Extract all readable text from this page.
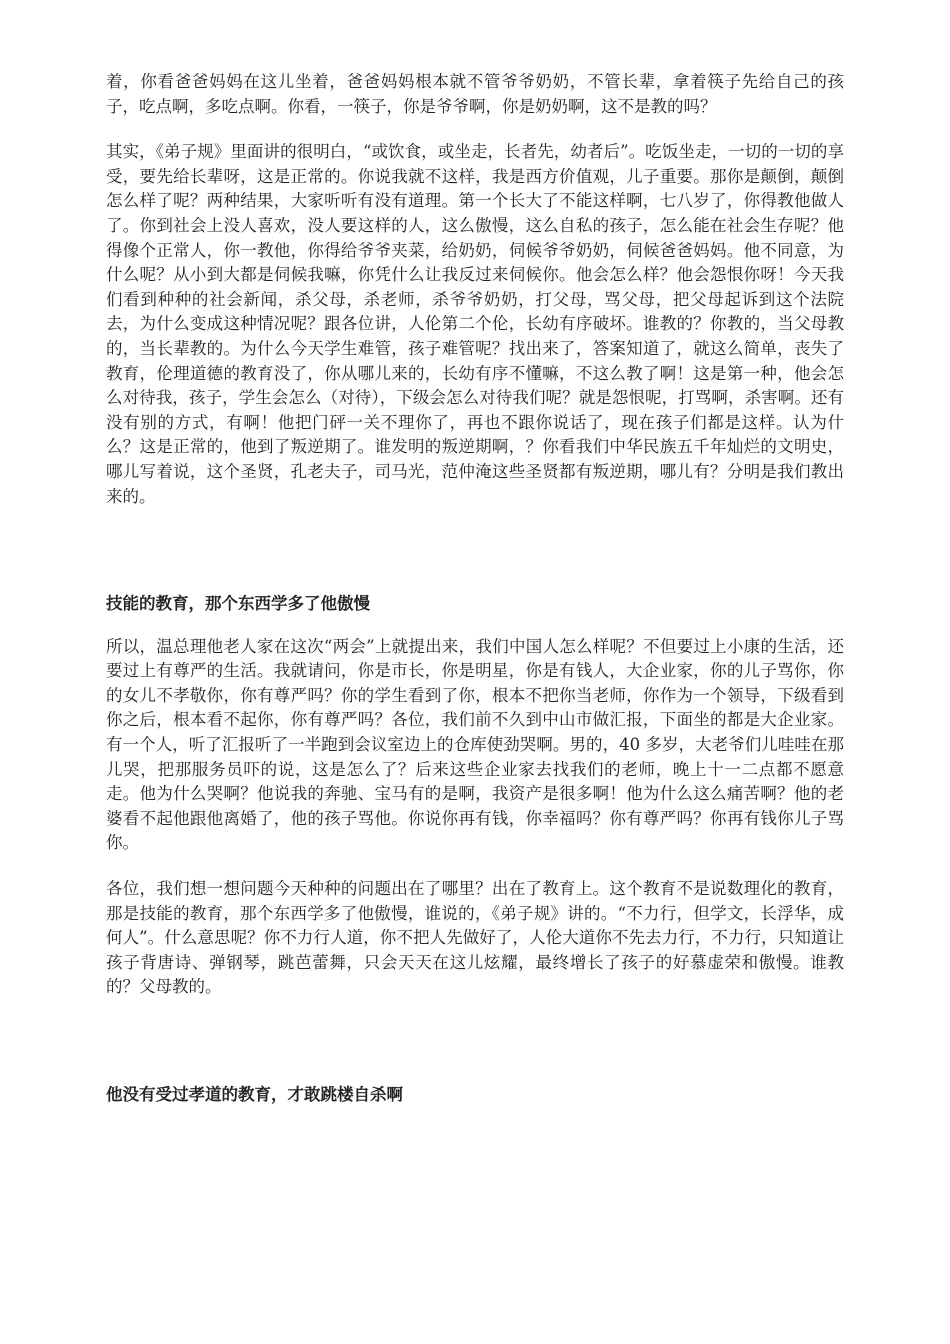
着，你看爸爸妈妈在这儿坐着，爸爸妈妈根本就不管爷爷奶奶，不管长辈，拿着筷子先给自己的孩子，吃点啊，多吃点啊。你看，一筷子，你是爷爷啊，你是奶奶啊，这不是教的吗？

其实，《弟子规》里面讲的很明白，“或饮食，或坐走，长者先，幼者后”。吃饭坐走，一切的一切的享受，要先给长辈呀，这是正常的。你说我就不这样，我是西方价值观，儿子重要。那你是颠倒，颠倒怎么样了呢？两种结果，大家听听有没有道理。第一个长大了不能这样啊，七八岁了，你得教他做人了。你到社会上没人喜欢，没人要这样的人，这么傲慢，这么自私的孩子，怎么能在社会生存呢？他得像个正常人，你一教他，你得给爷爷夹菜，给奶奶，伺候爷爷奶奶，伺候爸爸妈妈。他不同意，为什么呢？从小到大都是伺候我嘛，你凭什么让我反过来伺候你。他会怎么样？他会怨恨你呀！今天我们看到种种的社会新闻，杀父母，杀老师，杀爷爷奶奶，打父母，骂父母，把父母起诉到这个法院去，为什么变成这种情况呢？跟各位讲，人伦第二个伦，长幼有序破坏。谁教的？你教的，当父母教的，当长辈教的。为什么今天学生难管，孩子难管呢？找出来了，答案知道了，就这么简单，丧失了教育，伦理道德的教育没了，你从哪儿来的，长幼有序不懂嘛，不这么教了啊！这是第一种，他会怎么对待我，孩子，学生会怎么（对待），下级会怎么对待我们呢？就是怨恨呢，打骂啊，杀害啊。还有没有别的方式，有啊！他把门砰一关不理你了，再也不跟你说话了，现在孩子们都是这样。认为什么？这是正常的，他到了叛逆期了。谁发明的叛逆期啊，？你看我们中华民族五千年灿烂的文明史，哪儿写着说，这个圣贤，孔老夫子，司马光，范仲淹这些圣贤都有叛逆期，哪儿有？分明是我们教出来的。

技能的教育，那个东西学多了他傲慢

所以，温总理他老人家在这次“两会”上就提出来，我们中国人怎么样呢？不但要过上小康的生活，还要过上有尊严的生活。我就请问，你是市长，你是明星，你是有钱人，大企业家，你的儿子骂你，你的女儿不孝敬你，你有尊严吗？你的学生看到了你，根本不把你当老师，你作为一个领导，下级看到你之后，根本看不起你，你有尊严吗？各位，我们前不久到中山市做汇报，下面坐的都是大企业家。有一个人，听了汇报听了一半跑到会议室边上的仓库使劲哭啊。男的，40 多岁，大老爷们儿哇哇在那儿哭，把那服务员吓的说，这是怎么了？后来这些企业家去找我们的老师，晚上十一二点都不愿意走。他为什么哭啊？他说我的奔驰、宝马有的是啊，我资产是很多啊！他为什么这么痛苦啊？他的老婆看不起他跟他离婚了，他的孩子骂他。你说你再有钱，你幸福吗？你有尊严吗？你再有钱你儿子骂你。

各位，我们想一想问题今天种种的问题出在了哪里？出在了教育上。这个教育不是说数理化的教育，那是技能的教育，那个东西学多了他傲慢，谁说的，《弟子规》讲的。“不力行，但学文，长浮华，成何人”。什么意思呢？你不力行人道，你不把人先做好了，人伦大道你不先去力行，不力行，只知道让孩子背唐诗、弹钢琴，跳芭蕾舞，只会天天在这儿炫耀，最终增长了孩子的好慕虚荣和傲慢。谁教的？父母教的。

他没有受过孝道的教育，才敢跳楼自杀啊
